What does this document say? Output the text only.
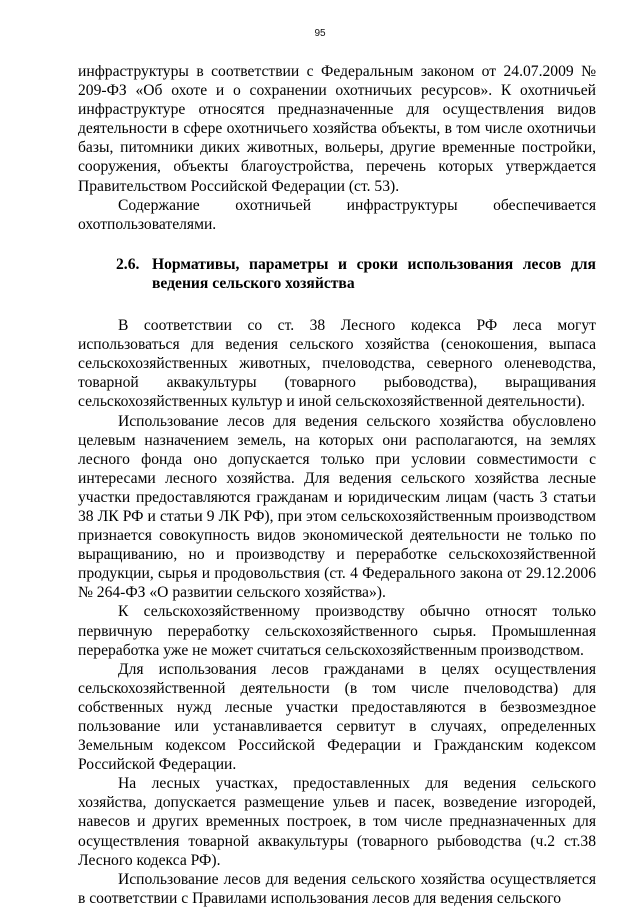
95

инфраструктуры в соответствии с Федеральным законом от 24.07.2009 № 209-ФЗ «Об охоте и о сохранении охотничьих ресурсов». К охотничьей инфраструктуре относятся предназначенные для осуществления видов деятельности в сфере охотничьего хозяйства объекты, в том числе охотничьи базы, питомники диких животных, вольеры, другие временные постройки, сооружения, объекты благоустройства, перечень которых утверждается Правительством Российской Федерации (ст. 53).

Содержание охотничьей инфраструктуры обеспечивается охотпользователями.

2.6. Нормативы, параметры и сроки использования лесов для ведения сельского хозяйства

В соответствии со ст. 38 Лесного кодекса РФ леса могут использоваться для ведения сельского хозяйства (сенокошения, выпаса сельскохозяйственных животных, пчеловодства, северного оленеводства, товарной аквакультуры (товарного рыбоводства), выращивания сельскохозяйственных культур и иной сельскохозяйственной деятельности).

Использование лесов для ведения сельского хозяйства обусловлено целевым назначением земель, на которых они располагаются, на землях лесного фонда оно допускается только при условии совместимости с интересами лесного хозяйства. Для ведения сельского хозяйства лесные участки предоставляются гражданам и юридическим лицам (часть 3 статьи 38 ЛК РФ и статьи 9 ЛК РФ), при этом сельскохозяйственным производством признается совокупность видов экономической деятельности не только по выращиванию, но и производству и переработке сельскохозяйственной продукции, сырья и продовольствия (ст. 4 Федерального закона от 29.12.2006 № 264-ФЗ «О развитии сельского хозяйства»).

К сельскохозяйственному производству обычно относят только первичную переработку сельскохозяйственного сырья. Промышленная переработка уже не может считаться сельскохозяйственным производством.

Для использования лесов гражданами в целях осуществления сельскохозяйственной деятельности (в том числе пчеловодства) для собственных нужд лесные участки предоставляются в безвозмездное пользование или устанавливается сервитут в случаях, определенных Земельным кодексом Российской Федерации и Гражданским кодексом Российской Федерации.

На лесных участках, предоставленных для ведения сельского хозяйства, допускается размещение ульев и пасек, возведение изгородей, навесов и других временных построек, в том числе предназначенных для осуществления товарной аквакультуры (товарного рыбоводства (ч.2 ст.38 Лесного кодекса РФ).

Использование лесов для ведения сельского хозяйства осуществляется в соответствии с Правилами использования лесов для ведения сельского
